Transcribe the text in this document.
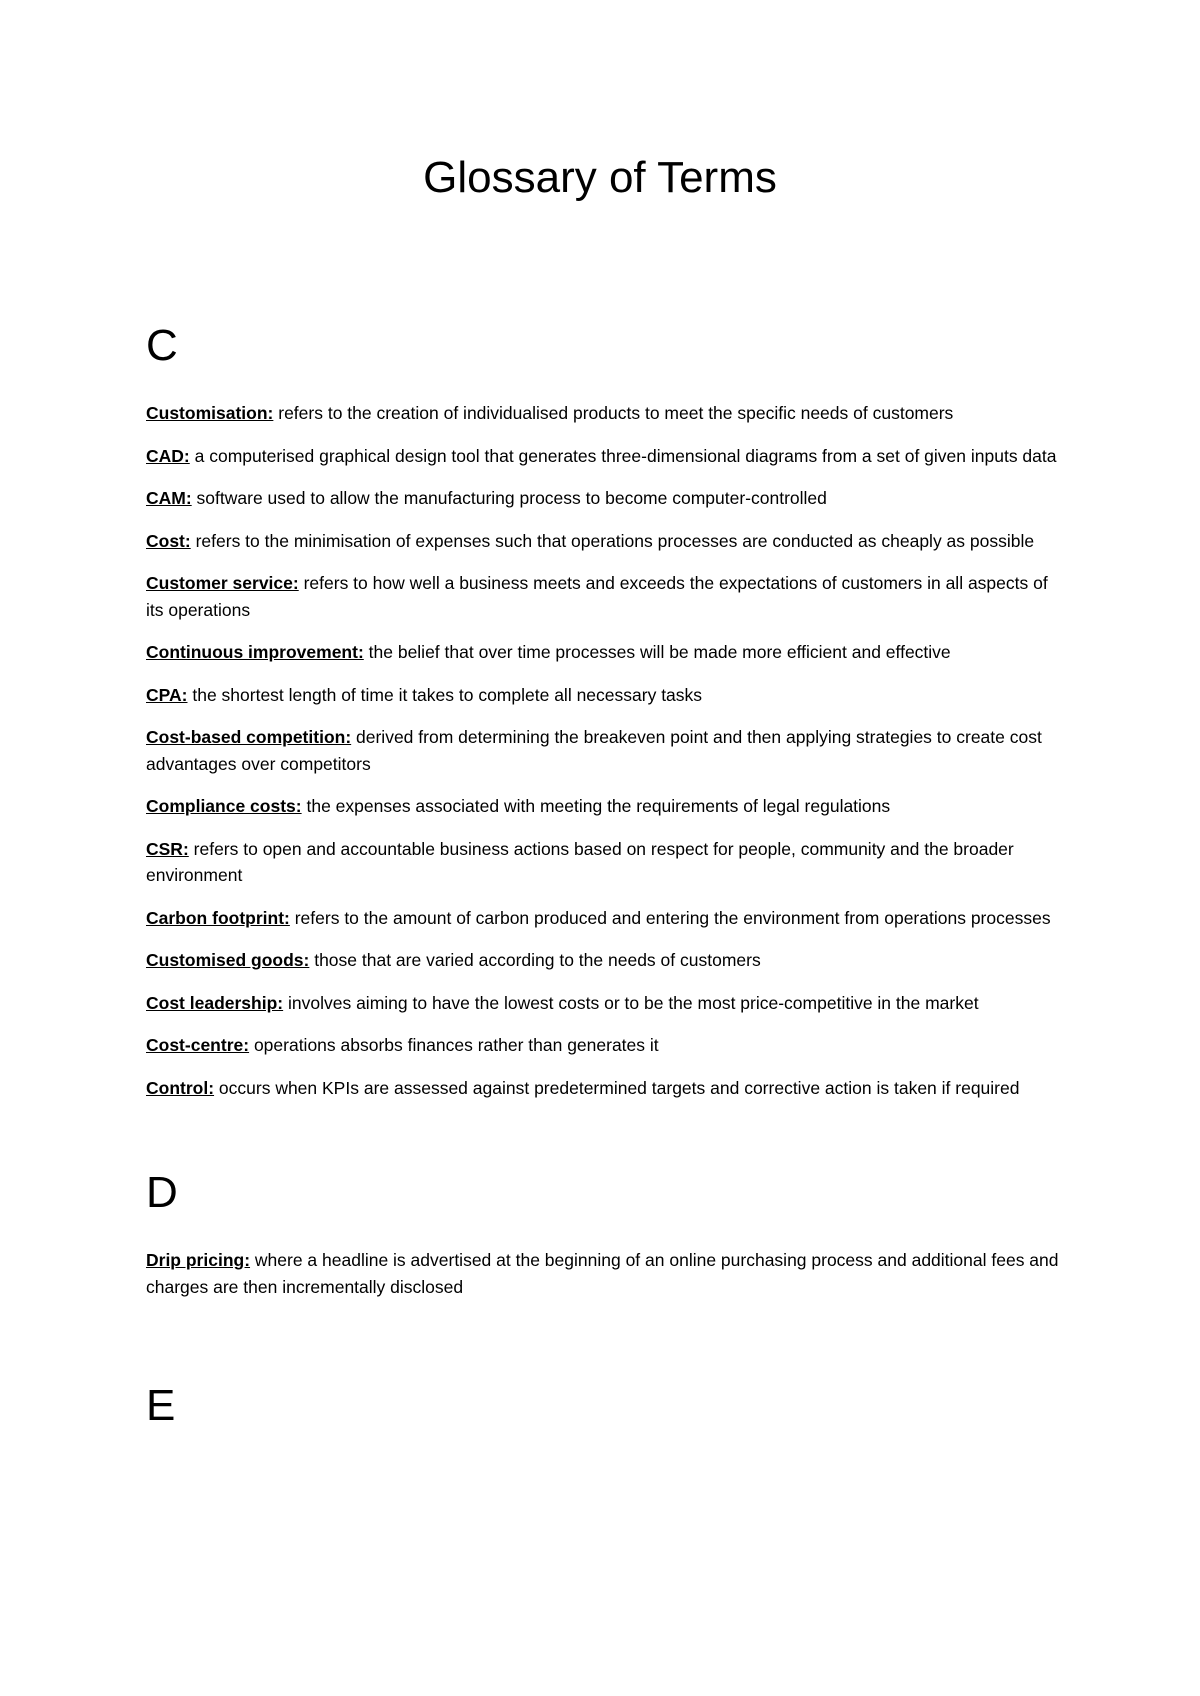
Glossary of Terms
C
Customisation: refers to the creation of individualised products to meet the specific needs of customers
CAD: a computerised graphical design tool that generates three-dimensional diagrams from a set of given inputs data
CAM: software used to allow the manufacturing process to become computer-controlled
Cost: refers to the minimisation of expenses such that operations processes are conducted as cheaply as possible
Customer service: refers to how well a business meets and exceeds the expectations of customers in all aspects of its operations
Continuous improvement: the belief that over time processes will be made more efficient and effective
CPA: the shortest length of time it takes to complete all necessary tasks
Cost-based competition: derived from determining the breakeven point and then applying strategies to create cost advantages over competitors
Compliance costs: the expenses associated with meeting the requirements of legal regulations
CSR: refers to open and accountable business actions based on respect for people, community and the broader environment
Carbon footprint: refers to the amount of carbon produced and entering the environment from operations processes
Customised goods: those that are varied according to the needs of customers
Cost leadership: involves aiming to have the lowest costs or to be the most price-competitive in the market
Cost-centre: operations absorbs finances rather than generates it
Control: occurs when KPIs are assessed against predetermined targets and corrective action is taken if required
D
Drip pricing: where a headline is advertised at the beginning of an online purchasing process and additional fees and charges are then incrementally disclosed
E
